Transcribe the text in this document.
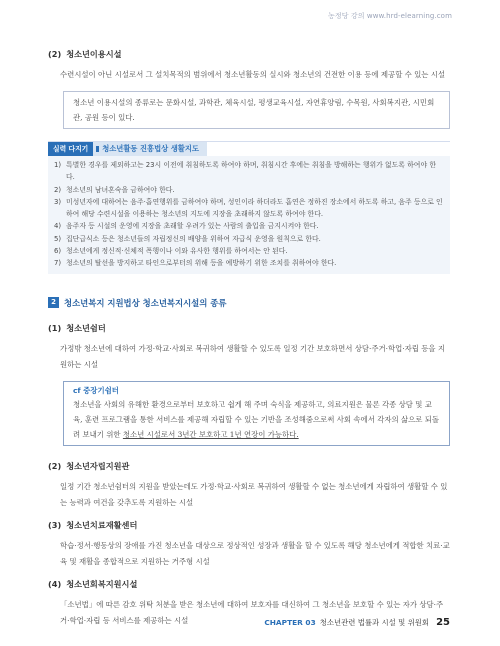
농정당 강의 www.hrd-elearning.com

(2) 청소년이용시설

수련시설이 아닌 시설로서 그 설치목적의 범위에서 청소년활동의 실시와 청소년의 건전한 이용 등에 제공할 수 있는 시설
청소년 이용시설의 종류로는 문화시설, 과학관, 체육시설, 평생교육시설, 자연휴양림, 수목원, 사회복지관, 시민회관, 공원 등이 있다.
실력 다지기	청소년활동 진흥법상 생활지도
1) 특별한 경우를 제외하고는 23시 이전에 취침하도록 하여야 하며, 취침시간 후에는 취침을 방해하는 행위가 없도록 하여야 한다.
2) 청소년의 남녀혼숙을 금하여야 한다.
3) 미성년자에 대하여는 음주·흡연행위를 금하여야 하며, 성인이라 하더라도 흡연은 정하진 장소에서 하도록 하고, 음주 등으로 인하여 해당 수련시설을 이용하는 청소년의 지도에 지장을 초래하지 않도록 하여야 한다.
4) 음주자 등 시설의 운영에 지장을 초래할 우려가 있는 사람의 출입을 금지시켜야 한다.
5) 집단급식소 등은 청소년들의 자립정신의 배양을 위하여 자급식 운영을 원칙으로 한다.
6) 청소년에게 정신적·신체적 폭행이나 이와 유사한 행위를 하여서는 안 된다.
7) 청소년의 탈선을 방지하고 타인으로부터의 위해 등을 예방하기 위한 조치를 취하여야 한다.
2 청소년복지 지원법상 청소년복지시설의 종류

(1) 청소년쉼터

가정밖 청소년에 대하여 가정·학교·사회로 복귀하여 생활할 수 있도록 일정 기간 보호하면서 상담·주거·학업·자립 등을 지원하는 시설
cf 중장기쉼터
청소년을 사회의 유해한 환경으로부터 보호하고 쉽게 해 주며 숙식을 제공하고, 의료지원은 물론 각종 상담 및 교육, 훈련 프로그램을 통한 서비스를 제공해 자립할 수 있는 기반을 조성해줌으로써 사회 속에서 각자의 삶으로 되돌려 보내기 위한 청소년 시설로서 3년간 보호하고 1년 연장이 가능하다.

(2) 청소년자립지원관

일정 기간 청소년쉼터의 지원을 받았는데도 가정·학교·사회로 복귀하여 생활할 수 없는 청소년에게 자립하여 생활할 수 있는 능력과 여건을 갖추도록 지원하는 시설

(3) 청소년치료재활센터

학습·정서·행동상의 장애를 가진 청소년을 대상으로 정상적인 성장과 생활을 할 수 있도록 해당 청소년에게 적합한 치료·교육 및 재활을 종합적으로 지원하는 거주형 시설

(4) 청소년회복지원시설

「소년법」에 따른 감호 위탁 처분을 받은 청소년에 대하여 보호자를 대신하여 그 청소년을 보호할 수 있는 자가 상담·주거·학업·자립 등 서비스를 제공하는 시설	CHAPTER 03 청소년관련 법률과 시설 및 위원회 25
